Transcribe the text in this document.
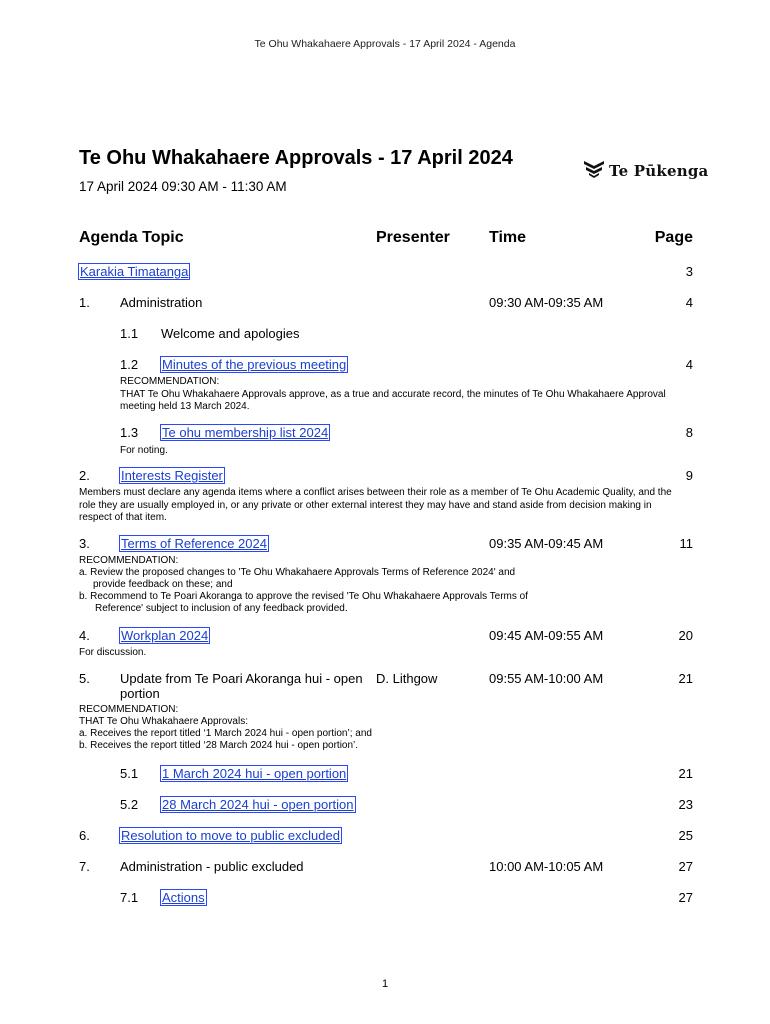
Te Ohu Whakahaere Approvals - 17 April 2024 - Agenda
Te Ohu Whakahaere Approvals - 17 April 2024
17 April 2024 09:30 AM - 11:30 AM
Te Pūkenga
Agenda Topic	Presenter Time	Page
Karakia Timatanga	3
1. Administration	09:30 AM-09:35 AM	4
1.1 Welcome and apologies
1.2 Minutes of the previous meeting	4
RECOMMENDATION:
THAT Te Ohu Whakahaere Approvals approve, as a true and accurate record, the minutes of Te Ohu Whakahaere Approval
meeting held 13 March 2024.
1.3 Te ohu membership list 2024	8
For noting.
2. Interests Register	9
Members must declare any agenda items where a conflict arises between their role as a member of Te Ohu Academic Quality, and the
role they are usually employed in, or any private or other external interest they may have and stand aside from decision making in
respect of that item.
3. Terms of Reference 2024	09:35 AM-09:45 AM	11
RECOMMENDATION:
a. Review the proposed changes to 'Te Ohu Whakahaere Approvals Terms of Reference 2024' and
provide feedback on these; and
b. Recommend to Te Poari Akoranga to approve the revised 'Te Ohu Whakahaere Approvals Terms of
Reference' subject to inclusion of any feedback provided.
4. Workplan 2024	09:45 AM-09:55 AM	20
For discussion.
5. Update from Te Poari Akoranga hui - open
portion
D. Lithgow	09:55 AM-10:00 AM	21
RECOMMENDATION:
THAT Te Ohu Whakahaere Approvals:
a. Receives the report titled ‘1 March 2024 hui - open portion’; and
b. Receives the report titled ‘28 March 2024 hui - open portion’.
5.1 1 March 2024 hui - open portion	21
5.2 28 March 2024 hui - open portion	23
6. Resolution to move to public excluded	25
7. Administration - public excluded	10:00 AM-10:05 AM	27
7.1 Actions	27
1
